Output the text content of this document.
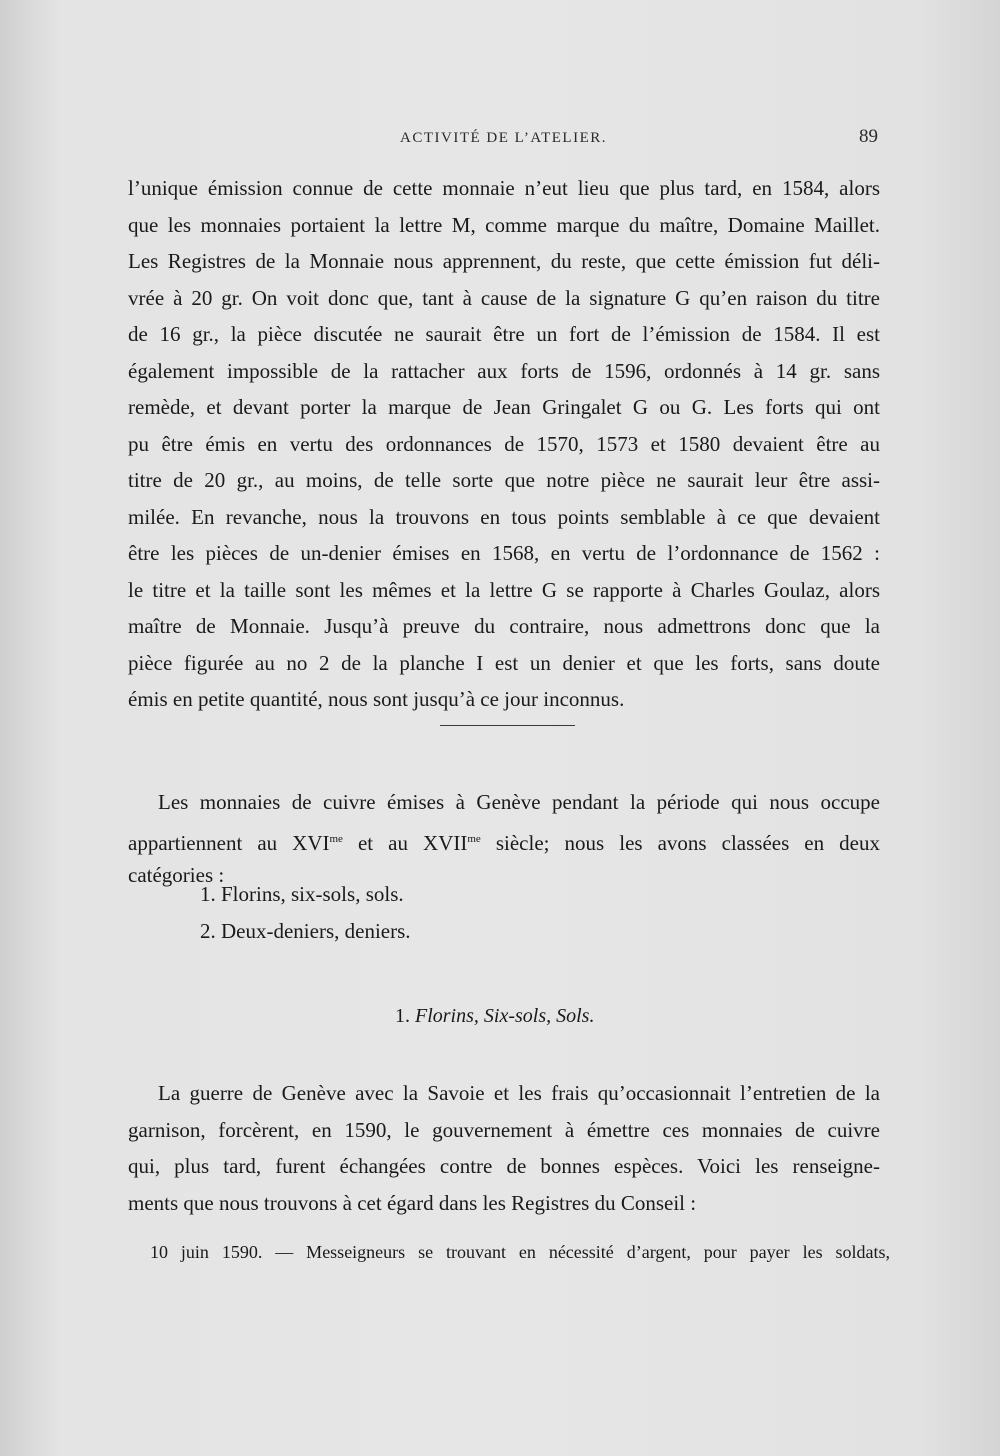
ACTIVITÉ DE L’ATELIER.	89
l’unique émission connue de cette monnaie n’eut lieu que plus tard, en 1584, alors
que les monnaies portaient la lettre M, comme marque du maître, Domaine Maillet.
Les Registres de la Monnaie nous apprennent, du reste, que cette émission fut déli-
vrée à 20 gr. On voit donc que, tant à cause de la signature G qu’en raison du titre
de 16 gr., la pièce discutée ne saurait être un fort de l’émission de 1584. Il est
également impossible de la rattacher aux forts de 1596, ordonnés à 14 gr. sans
remède, et devant porter la marque de Jean Gringalet G ou G. Les forts qui ont
pu être émis en vertu des ordonnances de 1570, 1573 et 1580 devaient être au
titre de 20 gr., au moins, de telle sorte que notre pièce ne saurait leur être assi-
milée. En revanche, nous la trouvons en tous points semblable à ce que devaient
être les pièces de un-denier émises en 1568, en vertu de l’ordonnance de 1562 :
le titre et la taille sont les mêmes et la lettre G se rapporte à Charles Goulaz, alors
maître de Monnaie. Jusqu’à preuve du contraire, nous admettrons donc que la
pièce figurée au no 2 de la planche I est un denier et que les forts, sans doute
émis en petite quantité, nous sont jusqu’à ce jour inconnus.
Les monnaies de cuivre émises à Genève pendant la période qui nous occupe
appartiennent au $XVI^{me}$ et au $XVII^{me}$ siècle; nous les avons classées en deux
catégories :
1. Florins, six-sols, sols.
2. Deux-deniers, deniers.
1. Florins, Six-sols, Sols.
La guerre de Genève avec la Savoie et les frais qu’occasionnait l’entretien de la
garnison, forcèrent, en 1590, le gouvernement à émettre ces monnaies de cuivre
qui, plus tard, furent échangées contre de bonnes espèces. Voici les renseigne-
ments que nous trouvons à cet égard dans les Registres du Conseil :
10 juin 1590. — Messeigneurs se trouvant en nécessité d’argent, pour payer les soldats,
